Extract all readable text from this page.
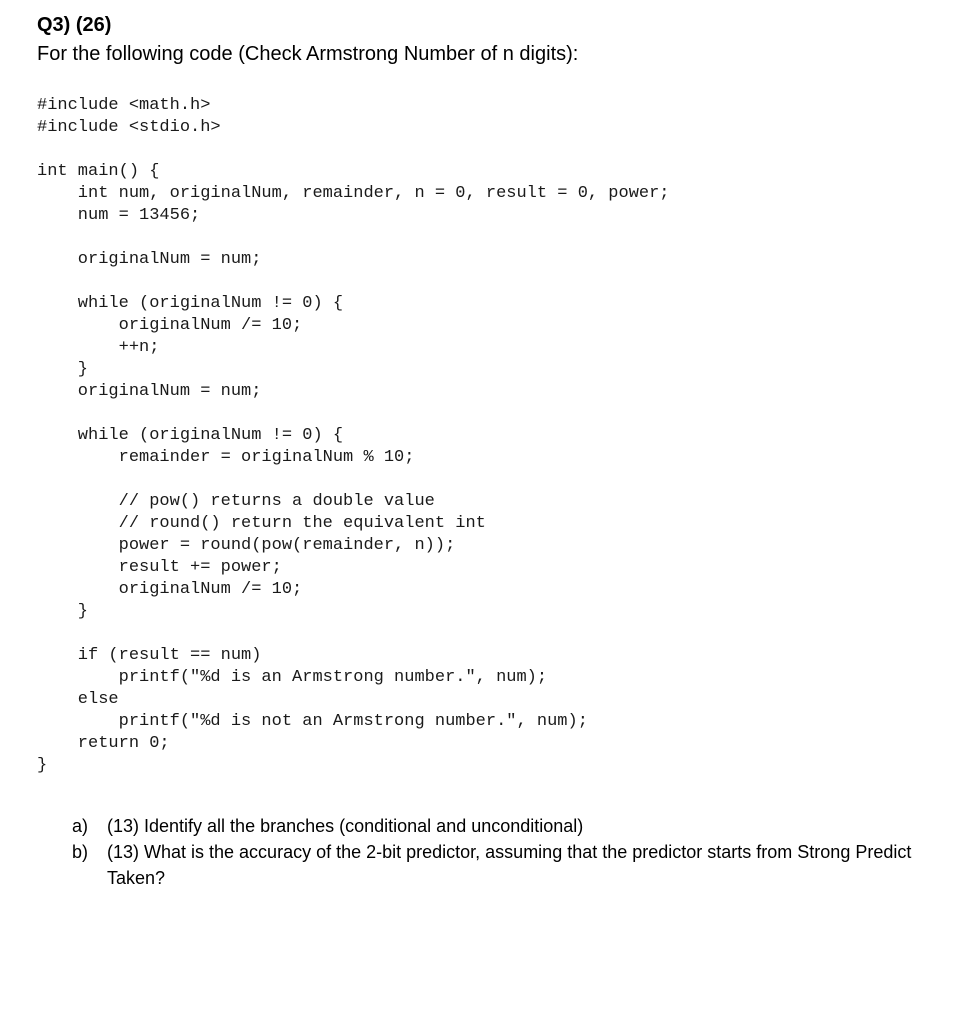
Q3) (26)
For the following code (Check Armstrong Number of n digits):
#include <math.h>
#include <stdio.h>
int main() {
int num, originalNum, remainder, n = 0, result = 0, power;
num = 13456;
originalNum = num;
while (originalNum != 0) {
originalNum /= 10;
++n;
}
originalNum = num;
while (originalNum != 0) {
remainder = originalNum % 10;
// pow() returns a double value
// round() return the equivalent int
power = round(pow(remainder, n));
result += power;
originalNum /= 10;
}
if (result == num)
printf("%d is an Armstrong number.", num);
else
printf("%d is not an Armstrong number.", num);
return 0;
}
a)	(13) Identify all the branches (conditional and unconditional)
b)	(13) What is the accuracy of the 2-bit predictor, assuming that the predictor starts from Strong Predict Taken?
